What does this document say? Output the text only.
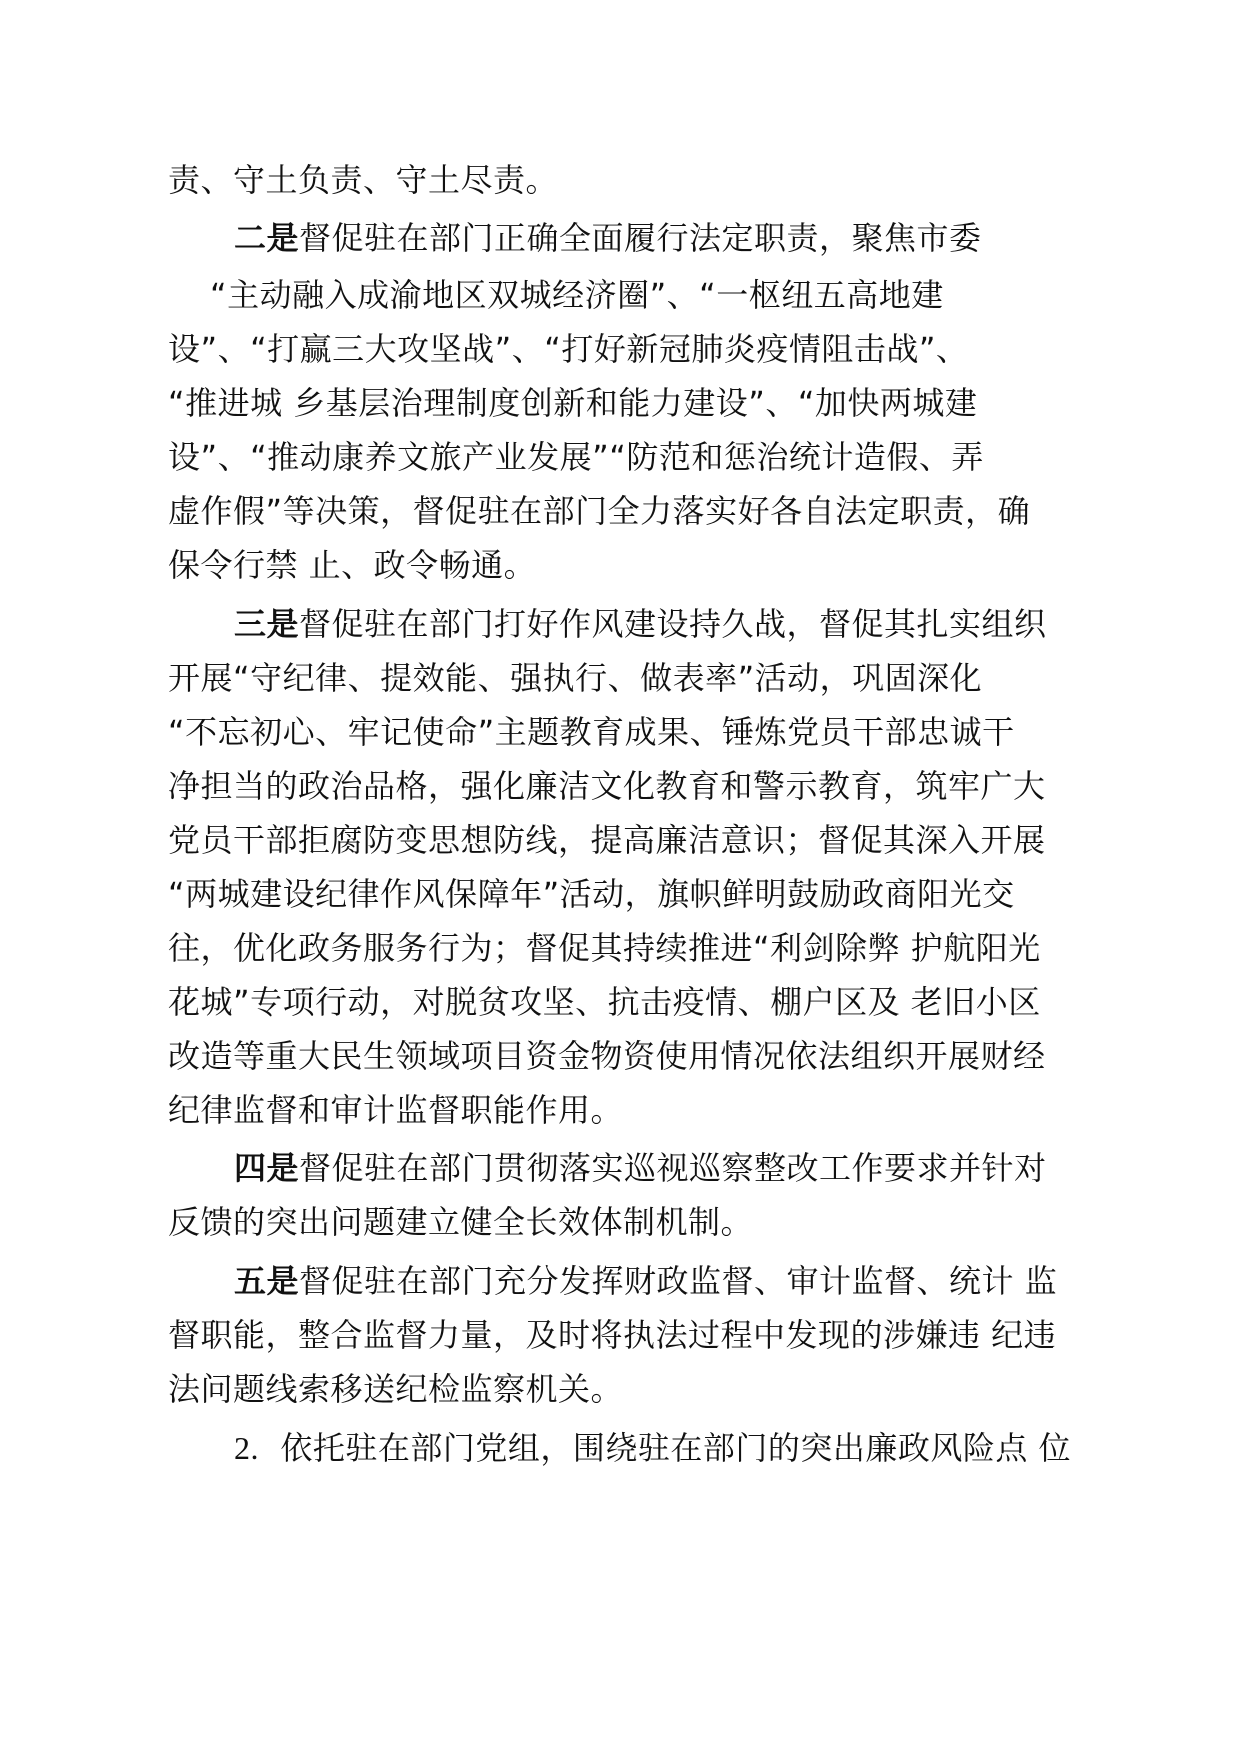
责、守土负责、守土尽责。
二是督促驻在部门正确全面履行法定职责，聚焦市委
“主动融入成渝地区双城经济圈”、“一枢纽五高地建
设”、“打赢三大攻坚战”、“打好新冠肺炎疫情阻击战”、
“推进城 乡基层治理制度创新和能力建设”、“加快两城建
设”、“推动康养文旅产业发展”“防范和惩治统计造假、弄
虚作假”等决策，督促驻在部门全力落实好各自法定职责，确
保令行禁 止、政令畅通。
三是督促驻在部门打好作风建设持久战，督促其扎实组织
开展“守纪律、提效能、强执行、做表率”活动，巩固深化
“不忘初心、牢记使命”主题教育成果、锤炼党员干部忠诚干
净担当的政治品格，强化廉洁文化教育和警示教育，筑牢广大
党员干部拒腐防变思想防线，提高廉洁意识；督促其深入开展
“两城建设纪律作风保障年”活动，旗帜鲜明鼓励政商阳光交
往，优化政务服务行为；督促其持续推进“利剑除弊 护航阳光
花城”专项行动，对脱贫攻坚、抗击疫情、棚户区及 老旧小区
改造等重大民生领域项目资金物资使用情况依法组织开展财经
纪律监督和审计监督职能作用。
四是督促驻在部门贯彻落实巡视巡察整改工作要求并针对
反馈的突出问题建立健全长效体制机制。
五是督促驻在部门充分发挥财政监督、审计监督、统计 监
督职能，整合监督力量，及时将执法过程中发现的涉嫌违 纪违
法问题线索移送纪检监察机关。
2. 依托驻在部门党组，围绕驻在部门的突出廉政风险点 位
